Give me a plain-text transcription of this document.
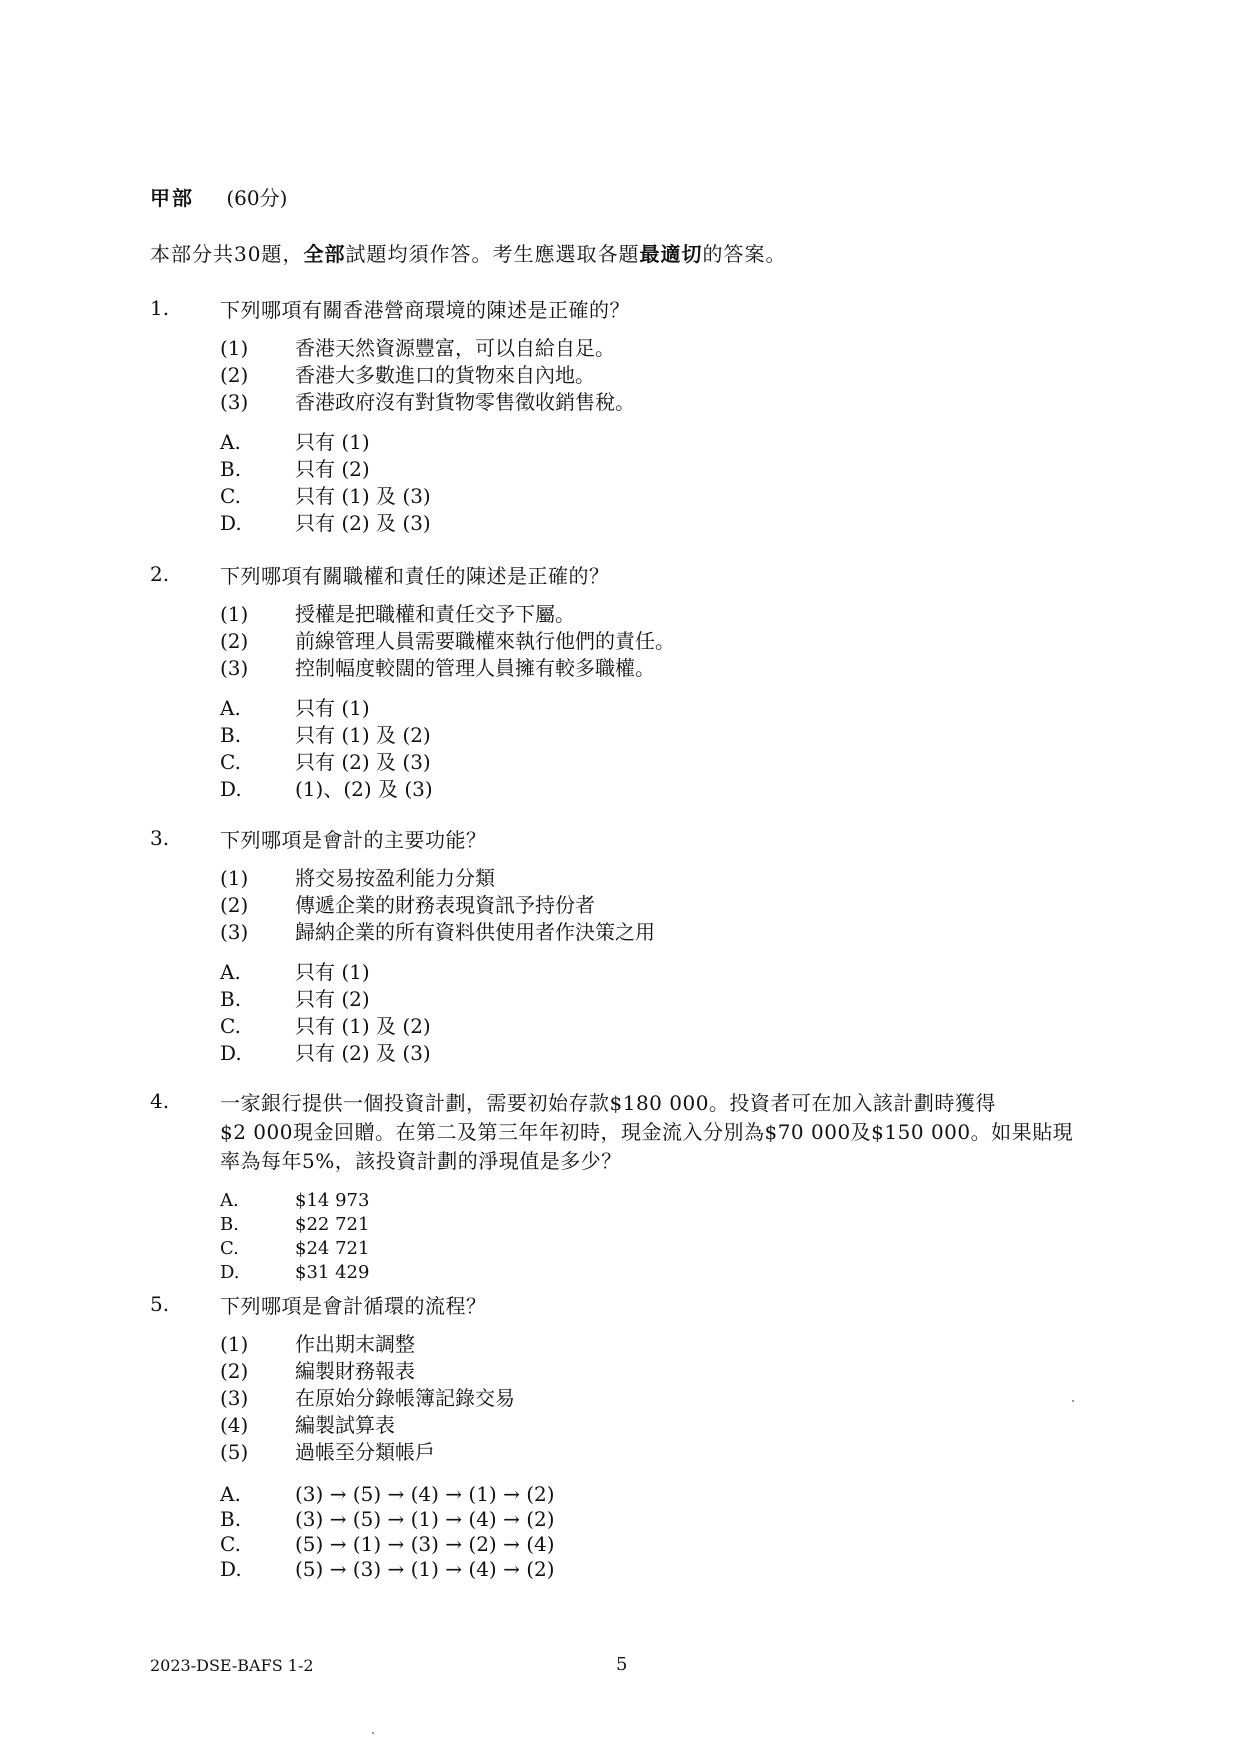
甲部 (60分)
本部分共30題，全部試題均須作答。考生應選取各題最適切的答案。
1.	下列哪項有關香港營商環境的陳述是正確的？
(1)	香港天然資源豐富，可以自給自足。
(2)	香港大多數進口的貨物來自內地。
(3)	香港政府沒有對貨物零售徵收銷售稅。
A.	只有 (1)
B.	只有 (2)
C.	只有 (1) 及 (3)
D.	只有 (2) 及 (3)
2.	下列哪項有關職權和責任的陳述是正確的？
(1)	授權是把職權和責任交予下屬。
(2)	前線管理人員需要職權來執行他們的責任。
(3)	控制幅度較闊的管理人員擁有較多職權。
A.	只有 (1)
B.	只有 (1) 及 (2)
C.	只有 (2) 及 (3)
D.	(1)、(2) 及 (3)
3.	下列哪項是會計的主要功能？
(1)	將交易按盈利能力分類
(2)	傳遞企業的財務表現資訊予持份者
(3)	歸納企業的所有資料供使用者作決策之用
A.	只有 (1)
B.	只有 (2)
C.	只有 (1) 及 (2)
D.	只有 (2) 及 (3)
4.	一家銀行提供一個投資計劃，需要初始存款$180 000。投資者可在加入該計劃時獲得
$2 000現金回贈。在第二及第三年年初時，現金流入分別為$70 000及$150 000。如果貼現
率為每年5%，該投資計劃的淨現值是多少？
A.	$14 973
B.	$22 721
C.	$24 721
D.	$31 429
5.	下列哪項是會計循環的流程？
(1)	作出期末調整
(2)	編製財務報表
(3)	在原始分錄帳簿記錄交易
(4)	編製試算表
(5)	過帳至分類帳戶
A.	(3) → (5) → (4) → (1) → (2)
B.	(3) → (5) → (1) → (4) → (2)
C.	(5) → (1) → (3) → (2) → (4)
D.	(5) → (3) → (1) → (4) → (2)
2023-DSE-BAFS 1-2	5
